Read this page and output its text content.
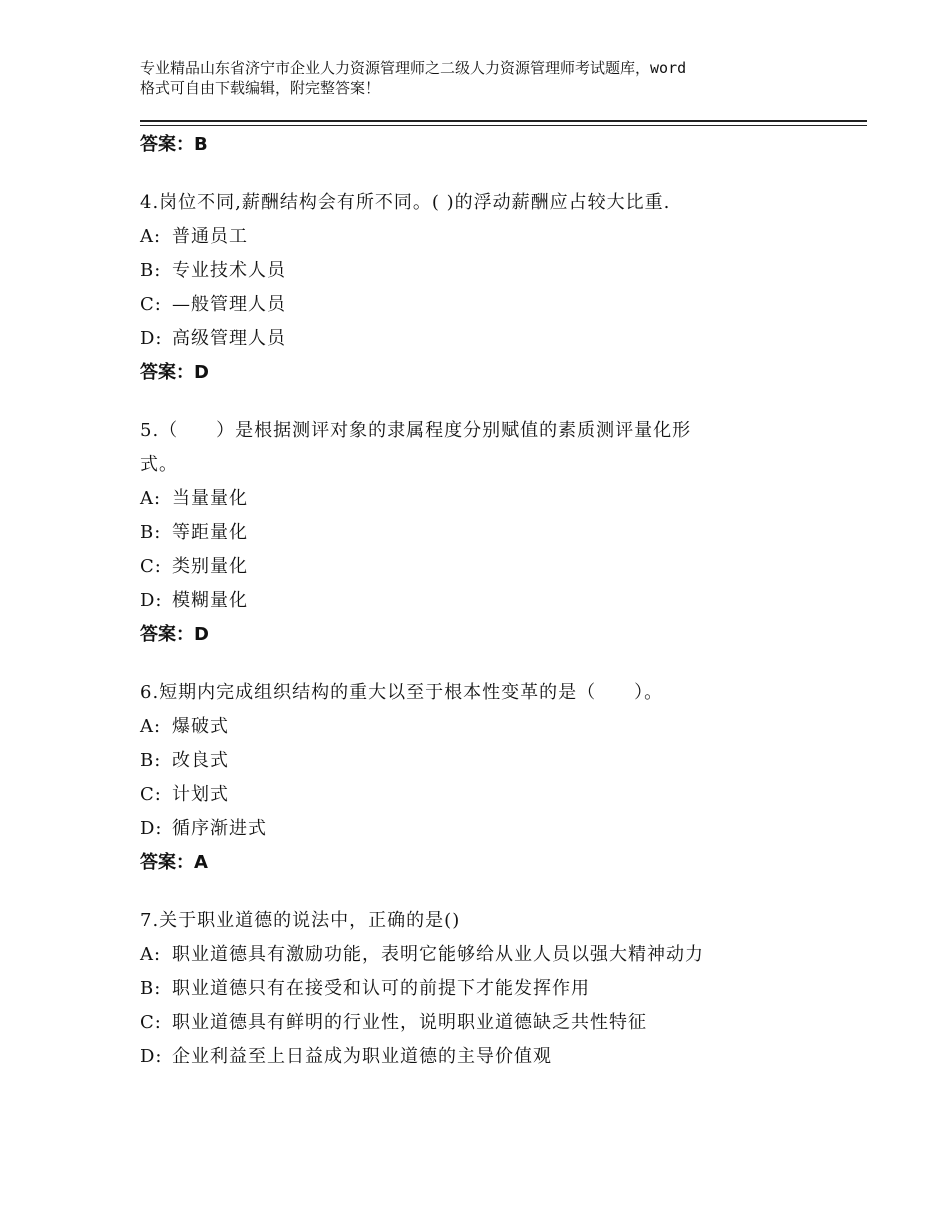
专业精品山东省济宁市企业人力资源管理师之二级人力资源管理师考试题库，word
格式可自由下载编辑，附完整答案！
答案：B
4.岗位不同,薪酬结构会有所不同。( )的浮动薪酬应占较大比重.
A: 普通员工
B: 专业技术人员
C: —般管理人员
D: 高级管理人员
答案：D
5.（　　）是根据测评对象的隶属程度分别赋值的素质测评量化形
式。
A: 当量量化
B: 等距量化
C: 类别量化
D: 模糊量化
答案：D
6.短期内完成组织结构的重大以至于根本性变革的是（　　）。
A: 爆破式
B: 改良式
C: 计划式
D: 循序渐进式
答案：A
7.关于职业道德的说法中，正确的是()
A: 职业道德具有激励功能，表明它能够给从业人员以强大精神动力
B: 职业道德只有在接受和认可的前提下才能发挥作用
C: 职业道德具有鲜明的行业性，说明职业道德缺乏共性特征
D: 企业利益至上日益成为职业道德的主导价值观
